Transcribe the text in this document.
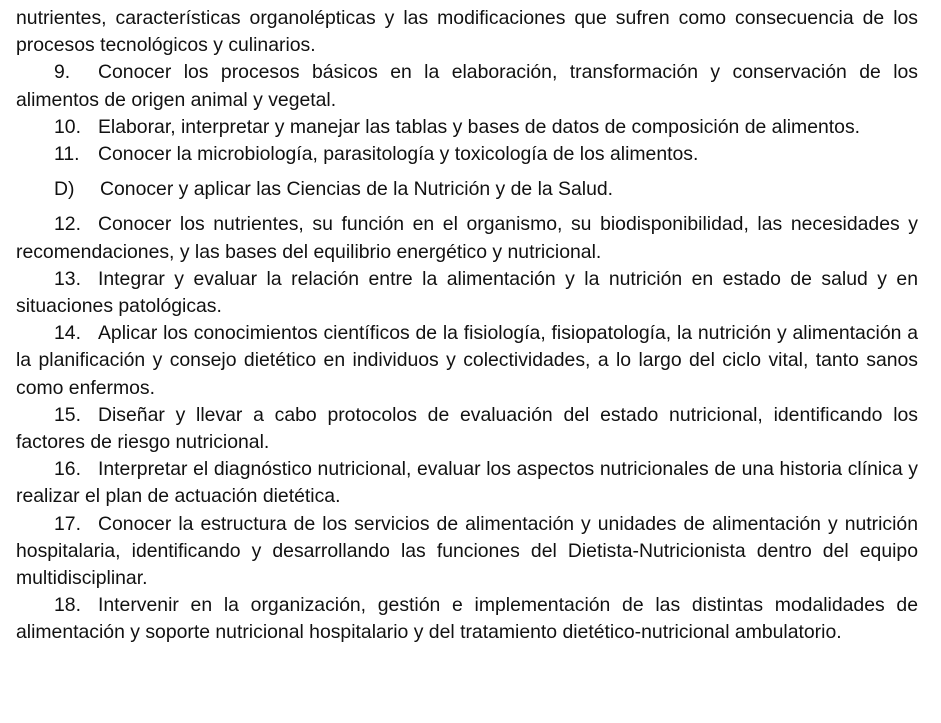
nutrientes, características organolépticas y las modificaciones que sufren como consecuencia de los procesos tecnológicos y culinarios.

9. Conocer los procesos básicos en la elaboración, transformación y conservación de los alimentos de origen animal y vegetal.

10. Elaborar, interpretar y manejar las tablas y bases de datos de composición de alimentos.

11. Conocer la microbiología, parasitología y toxicología de los alimentos.

D) Conocer y aplicar las Ciencias de la Nutrición y de la Salud.

12. Conocer los nutrientes, su función en el organismo, su biodisponibilidad, las necesidades y recomendaciones, y las bases del equilibrio energético y nutricional.

13. Integrar y evaluar la relación entre la alimentación y la nutrición en estado de salud y en situaciones patológicas.

14. Aplicar los conocimientos científicos de la fisiología, fisiopatología, la nutrición y alimentación a la planificación y consejo dietético en individuos y colectividades, a lo largo del ciclo vital, tanto sanos como enfermos.

15. Diseñar y llevar a cabo protocolos de evaluación del estado nutricional, identificando los factores de riesgo nutricional.

16. Interpretar el diagnóstico nutricional, evaluar los aspectos nutricionales de una historia clínica y realizar el plan de actuación dietética.

17. Conocer la estructura de los servicios de alimentación y unidades de alimentación y nutrición hospitalaria, identificando y desarrollando las funciones del Dietista-Nutricionista dentro del equipo multidisciplinar.

18. Intervenir en la organización, gestión e implementación de las distintas modalidades de alimentación y soporte nutricional hospitalario y del tratamiento dietético-nutricional ambulatorio.
